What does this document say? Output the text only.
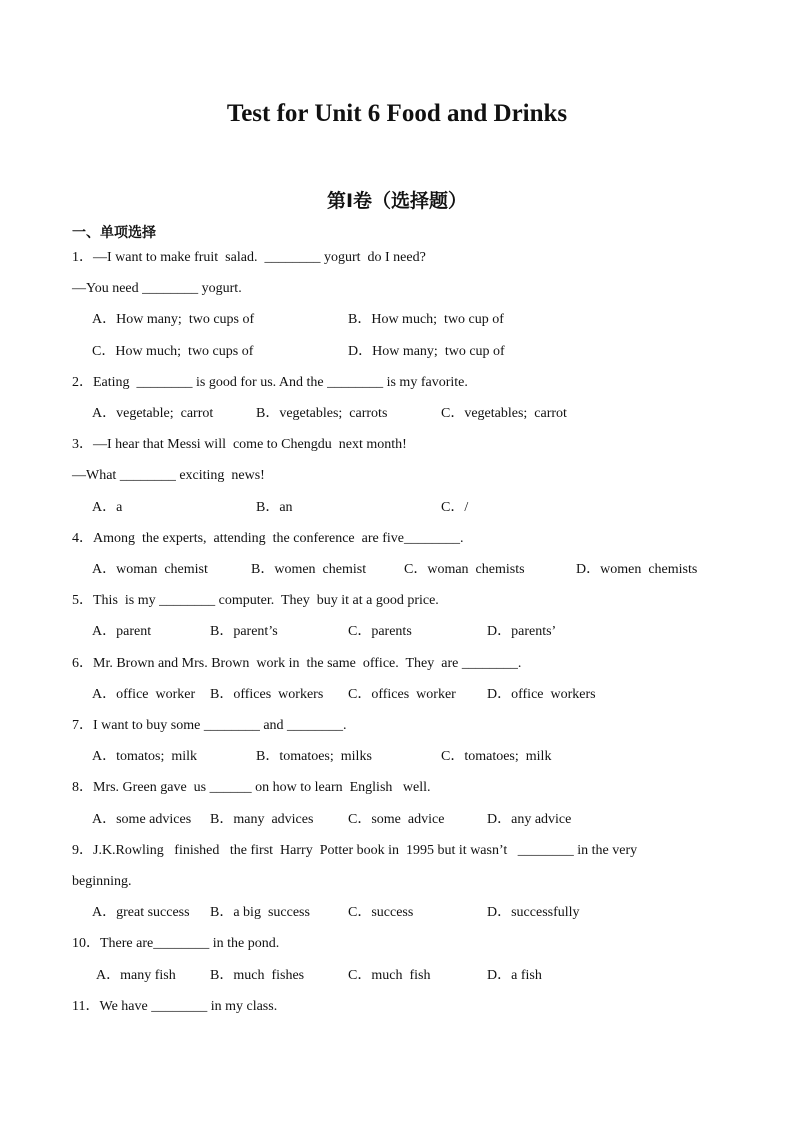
Test for Unit 6 Food and Drinks
第Ⅰ卷（选择题）
一、单项选择
1．—I want to make fruit  salad.  ________ yogurt  do I need?
—You need ________ yogurt.
A．How many;  two cups of	B．How much;  two cup of
C．How much;  two cups of	D．How many;  two cup of
2．Eating  ________ is good for us. And the ________ is my favorite.
A．vegetable;  carrot	B．vegetables;  carrots	C．vegetables;  carrot
3．—I hear that Messi will  come to Chengdu  next month!
—What ________ exciting  news!
A．a	B．an	C．/
4．Among  the experts,  attending  the conference  are five________.
A．woman  chemist	B．women  chemist	C．woman  chemists	D．women  chemists
5．This  is my ________ computer.  They  buy it at a good price.
A．parent	B．parent’s	C．parents	D．parents’
6．Mr. Brown and Mrs. Brown  work in  the same  office.  They  are ________.
A．office  worker B．offices  workers C．offices  worker D．office  workers
7．I want to buy some ________ and ________.
A．tomatos;  milk	B．tomatoes;  milks	C．tomatoes;  milk
8．Mrs. Green gave  us ______ on how to learn  English   well.
A．some advices B．many  advices C．some  advice	D．any advice
9．J.K.Rowling   finished   the first  Harry  Potter book in  1995 but it wasn’t   ________ in the very
beginning.
A．great success B．a big  success	C．success	D．successfully
10．There are________ in the pond.
A．many fish B．much  fishes	C．much  fish	D．a fish
11．We have ________ in my class.
